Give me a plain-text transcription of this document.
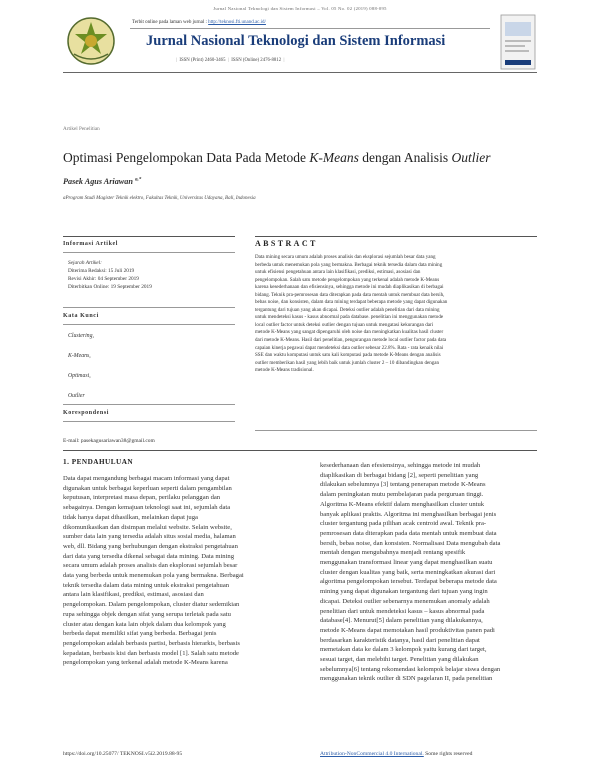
Jurnal Nasional Teknologi dan Sistem Informasi – Vol. 05 No. 02 (2019) 088-095
Terbit online pada laman web jurnal : http://teknosi.fti.unand.ac.id/
Jurnal Nasional Teknologi dan Sistem Informasi
| ISSN (Print) 2460-3465 | ISSN (Online) 2476-8812 |
Artikel Penelitian
Optimasi Pengelompokan Data Pada Metode K-Means dengan Analisis Outlier
Pasek Agus Ariawan $^{a,*}$
aProgram Studi Magister Teknik elektro, Fakultas Teknik, Universitas Udayana, Bali, Indonesia
Informasi Artikel
Sejarah Artikel:
Diterima Redaksi: 15 Juli 2019
Revisi Akhir: 04 September 2019
Diterbitkan Online: 19 September 2019
Kata Kunci
Clustering,
K-Means,
Optimasi,
Outlier
Korespondensi
E-mail: pasekagusariawan38@gmail.com
ABSTRACT
Data mining secara umum adalah proses analisis dan eksplorasi sejumlah besar data yang
berbeda untuk menemukan pola yang bermakna. Berbagai teknik tersedia dalam data mining
untuk efisiensi pengetahuan antara lain klasifikasi, prediksi, estimasi, asosiasi dan
pengelompokan. Salah satu metode pengelompokan yang terkenal adalah metode K-Means
karena kesederhanaan dan efisiensinya, sehingga metode ini mudah diaplikasikan di berbagai
bidang. Teknik pra-pemrosesan data diterapkan pada data mentah untuk membuat data bersih,
bebas noise, dan konsisten, dalam data mining terdapat beberapa metode yang dapat digunakan
tergantung dari tujuan yang akan dicapai. Deteksi outlier adalah penelitian dari data mining
untuk mendeteksi kasus - kasus abnormal pada database. penelitian ini menggunakan metode
local outlier factor untuk deteksi outlier dengan tujuan untuk mengatasi kekurangan dari
metode K-Means yang sangat dipengaruhi oleh noise dan meningkatkan kualitas hasil cluster
dari metode K-Means. Hasil dari penelitian, pengurangan metode local outlier factor pada data
capaian kinerja pegawai dapat mendeteksi data outlier sebesar 22.8%. Rata - rata kenaik nilai
SSE dan waktu komputasi untuk satu kali komputasi pada metode K-Means dengan analisis
outlier memberikan hasil yang lebih baik untuk jumlah cluster 2 – 10 dibandingkan dengan
metode K-Means tradisional.
1. PENDAHULUAN
Data dapat mengandung berbagai macam informasi yang dapat
digunakan untuk berbagai keperluan seperti dalam pengambilan
keputusan, interpretasi masa depan, perilaku pelanggan dan
sebagainya. Dengan kemajuan teknologi saat ini, sejumlah data
tidak hanya dapat dihasilkan, melainkan dapat juga
dikomunikasikan dan disimpan melalui website. Selain website,
sumber data lain yang tersedia adalah situs sosial media, halaman
web, dll. Bidang yang berhubungan dengan ekstraksi pengetahuan
dari data yang tersedia dikenal sebagai data mining. Data mining
secara umum adalah proses analisis dan eksplorasi sejumlah besar
data yang berbeda untuk menemukan pola yang bermakna. Berbagai
teknik tersedia dalam data mining untuk ekstraksi pengetahuan
antara lain klasifikasi, prediksi, estimasi, asosiasi dan
pengelompokan. Dalam pengelompokan, cluster diatur sedemikian
rupa sehingga objek dengan sifat yang serupa terletak pada satu
cluster atau dengan kata lain objek dalam dua kelompok yang
berbeda dapat memiliki sifat yang berbeda. Berbagai jenis
pengelompokan adalah berbasis partisi, berbasis hierarkis, berbasis
kepadatan, berbasis kisi dan berbasis model [1]. Salah satu metode
pengelompokan yang terkenal adalah metode K-Means karena
kesederhanaan dan efesiensinya, sehingga metode ini mudah
diaplikasikan di berbagai bidang [2], seperti penelitian yang
dilakukan sebelumnya [3] tentang penerapan metode K-Means
dalam peningkatan mutu pembelajaran pada perguruan tinggi.
Algoritma K-Means efektif dalam menghasilkan cluster untuk
banyak aplikasi praktis. Algoritma ini menghasilkan berbagai jenis
cluster tergantung pada pilihan acak centroid awal. Teknik pra-
pemrosesan data diterapkan pada data mentah untuk membuat data
bersih, bebas noise, dan konsisten. Normalisasi Data mengubah data
mentah dengan mengubahnya menjadi rentang spesifik
menggunakan transformasi linear yang dapat menghasilkan suatu
cluster dengan kualitas yang baik, serta meningkatkan akurasi dari
algoritma pengelompokan tersebut. Terdapat beberapa metode data
mining yang dapat digunakan tergantung dari tujuan yang ingin
dicapai. Deteksi outlier sebenarnya menemukan anomaly adalah
penelitian dari untuk mendeteksi kasus – kasus abnormal pada
database[4]. Menurut[5] dalam penelitian yang dilakukannya,
metode K-Means dapat memotakan hasil produktivitas panen padi
berdasarkan karakteristik datanya, hasil dari penelitian dapat
memetakan data ke dalam 3 kelompok yaitu kurang dari target,
sesuai target, dan melebihi target. Penelitian yang dilakukan
sebelumnya[6] tentang rekomendasi kelompok belajar siswa dengan
menggunakan teknik outlier di SDN pagelaran II, pada penelitian
https://doi.org/10.25077/ TEKNOSI.v5i2.2019.88-95	Attribution-NonCommercial 4.0 International. Some rights reserved
